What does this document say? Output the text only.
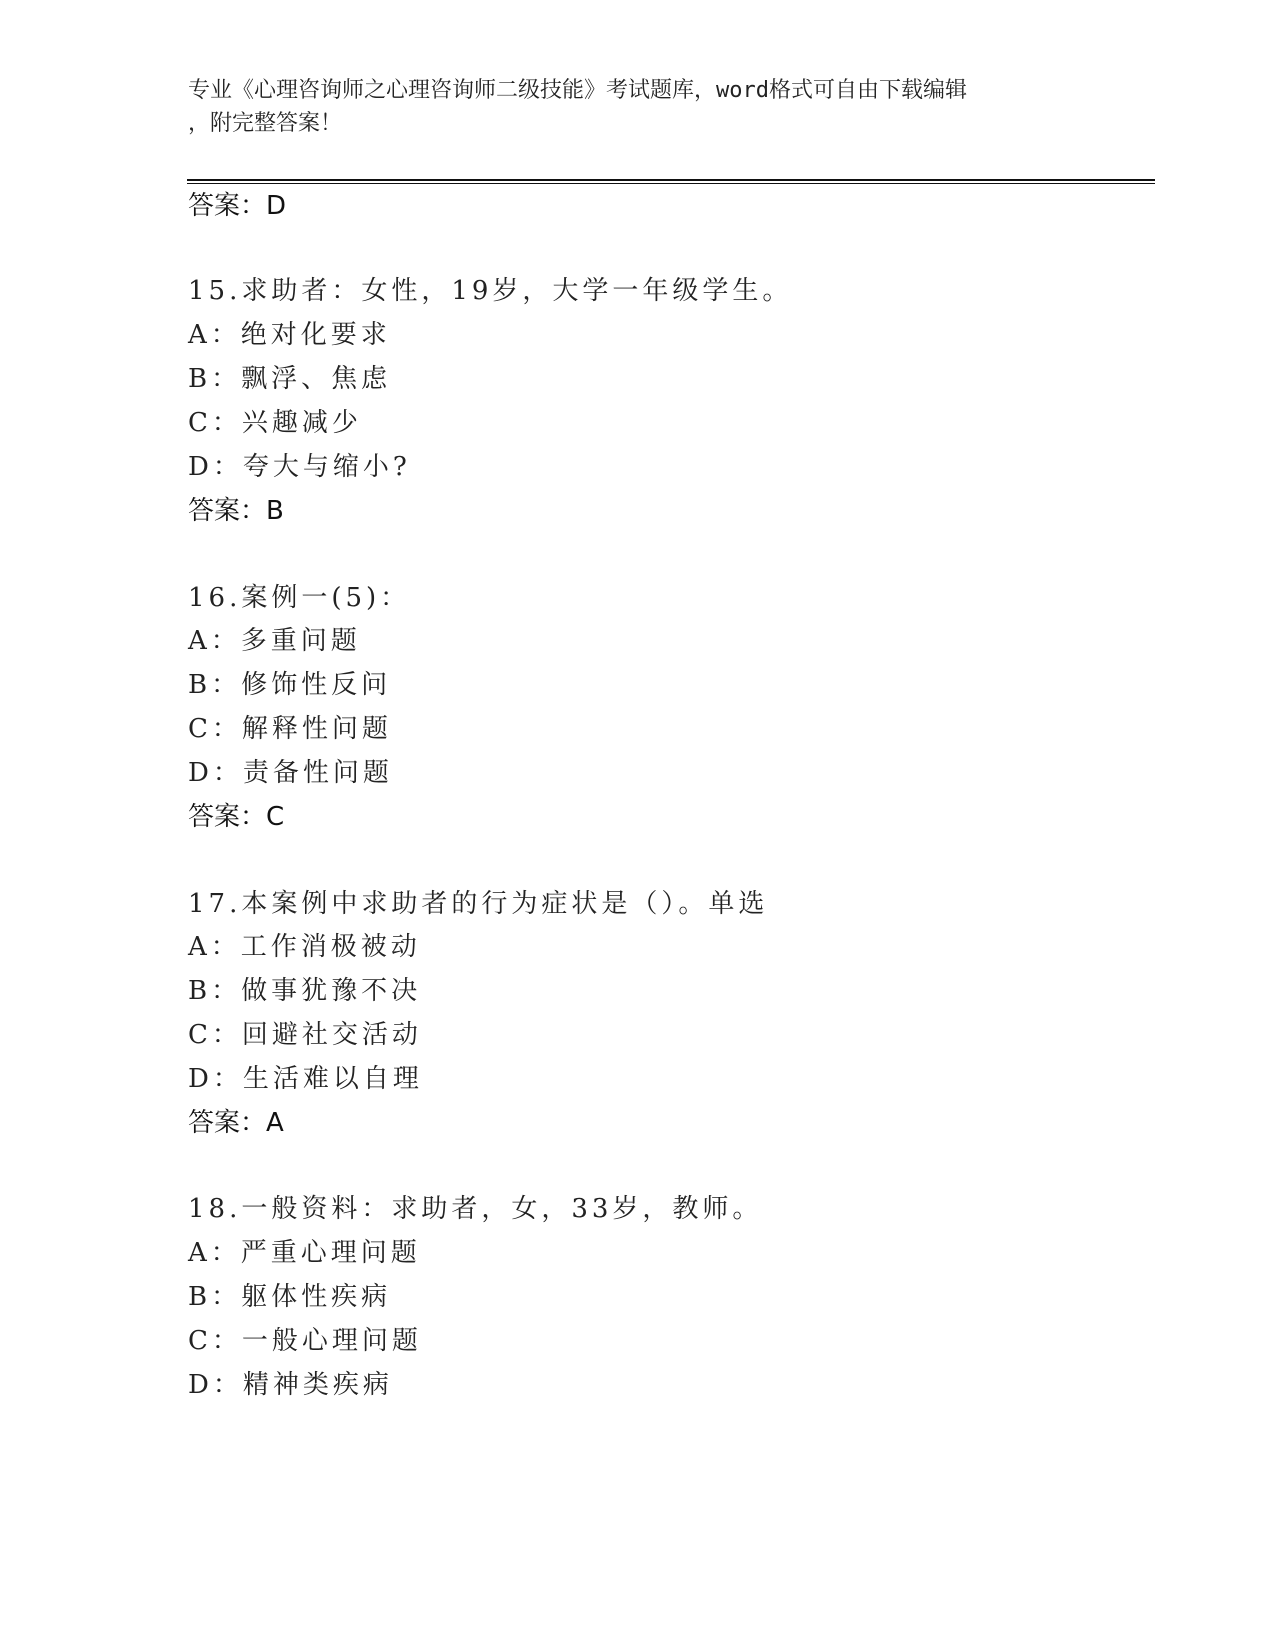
专业《心理咨询师之心理咨询师二级技能》考试题库，word格式可自由下载编辑
，附完整答案！
答案：D
15.求助者：女性，19岁，大学一年级学生。
A：绝对化要求
B：飘浮、焦虑
C：兴趣减少
D：夸大与缩小?
答案：B
16.案例一(5)：
A：多重问题
B：修饰性反问
C：解释性问题
D：责备性问题
答案：C
17.本案例中求助者的行为症状是（）。单选
A：工作消极被动
B：做事犹豫不决
C：回避社交活动
D：生活难以自理
答案：A
18.一般资料：求助者，女，33岁，教师。
A：严重心理问题
B：躯体性疾病
C：一般心理问题
D：精神类疾病
